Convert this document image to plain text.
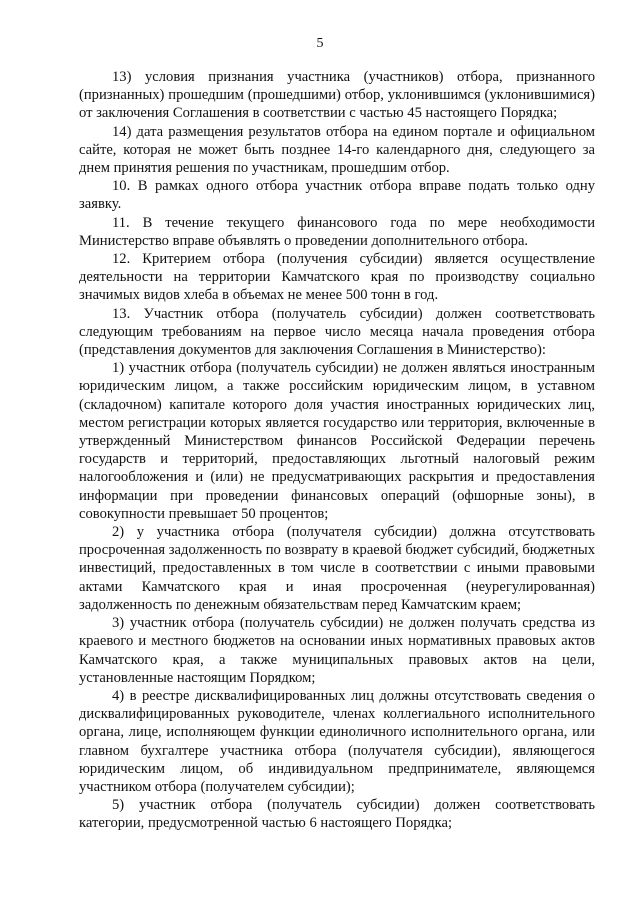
5

13) условия признания участника (участников) отбора, признанного (признанных) прошедшим (прошедшими) отбор, уклонившимся (уклонившимися) от заключения Соглашения в соответствии с частью 45 настоящего Порядка;

14) дата размещения результатов отбора на едином портале и официальном сайте, которая не может быть позднее 14-го календарного дня, следующего за днем принятия решения по участникам, прошедшим отбор.

10. В рамках одного отбора участник отбора вправе подать только одну заявку.

11. В течение текущего финансового года по мере необходимости Министерство вправе объявлять о проведении дополнительного отбора.

12. Критерием отбора (получения субсидии) является осуществление деятельности на территории Камчатского края по производству социально значимых видов хлеба в объемах не менее 500 тонн в год.

13. Участник отбора (получатель субсидии) должен соответствовать следующим требованиям на первое число месяца начала проведения отбора (представления документов для заключения Соглашения в Министерство):

1) участник отбора (получатель субсидии) не должен являться иностранным юридическим лицом, а также российским юридическим лицом, в уставном (складочном) капитале которого доля участия иностранных юридических лиц, местом регистрации которых является государство или территория, включенные в утвержденный Министерством финансов Российской Федерации перечень государств и территорий, предоставляющих льготный налоговый режим налогообложения и (или) не предусматривающих раскрытия и предоставления информации при проведении финансовых операций (офшорные зоны), в совокупности превышает 50 процентов;

2) у участника отбора (получателя субсидии) должна отсутствовать просроченная задолженность по возврату в краевой бюджет субсидий, бюджетных инвестиций, предоставленных в том числе в соответствии с иными правовыми актами Камчатского края и иная просроченная (неурегулированная) задолженность по денежным обязательствам перед Камчатским краем;

3) участник отбора (получатель субсидии) не должен получать средства из краевого и местного бюджетов на основании иных нормативных правовых актов Камчатского края, а также муниципальных правовых актов на цели, установленные настоящим Порядком;

4) в реестре дисквалифицированных лиц должны отсутствовать сведения о дисквалифицированных руководителе, членах коллегиального исполнительного органа, лице, исполняющем функции единоличного исполнительного органа, или главном бухгалтере участника отбора (получателя субсидии), являющегося юридическим лицом, об индивидуальном предпринимателе, являющемся участником отбора (получателем субсидии);

5) участник отбора (получатель субсидии) должен соответствовать категории, предусмотренной частью 6 настоящего Порядка;
